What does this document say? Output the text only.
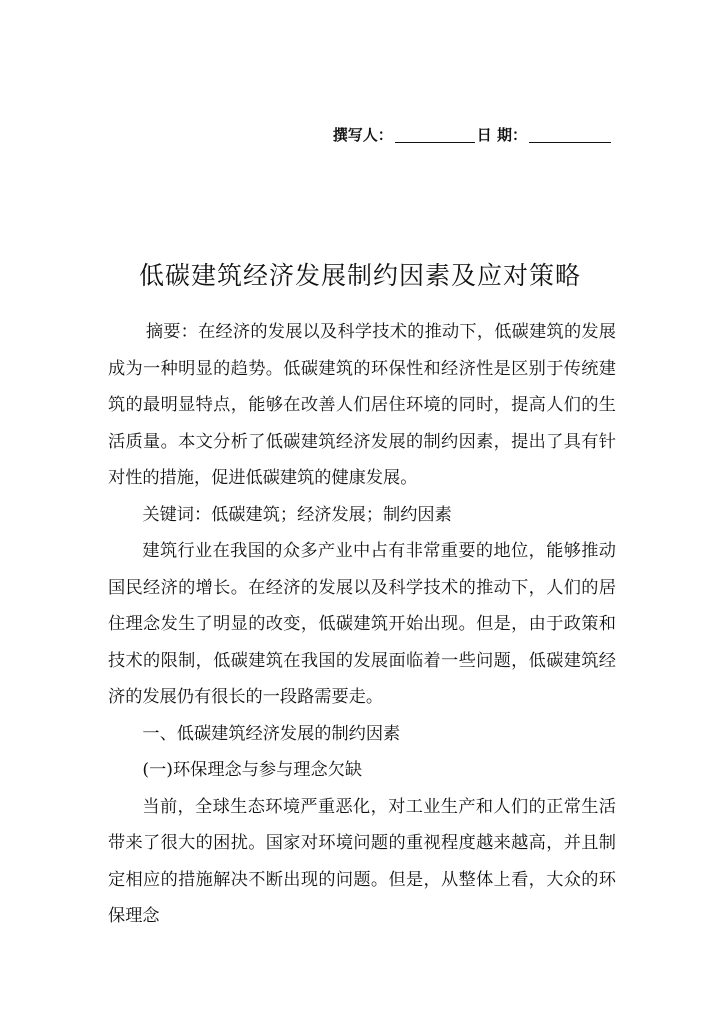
撰写人：	日 期：
低碳建筑经济发展制约因素及应对策略

摘要：在经济的发展以及科学技术的推动下，低碳建筑的发展成为一种明显的趋势。低碳建筑的环保性和经济性是区别于传统建筑的最明显特点，能够在改善人们居住环境的同时，提高人们的生活质量。本文分析了低碳建筑经济发展的制约因素，提出了具有针对性的措施，促进低碳建筑的健康发展。

关键词：低碳建筑；经济发展；制约因素

建筑行业在我国的众多产业中占有非常重要的地位，能够推动国民经济的增长。在经济的发展以及科学技术的推动下，人们的居住理念发生了明显的改变，低碳建筑开始出现。但是，由于政策和技术的限制，低碳建筑在我国的发展面临着一些问题，低碳建筑经济的发展仍有很长的一段路需要走。

一、低碳建筑经济发展的制约因素

(一)环保理念与参与理念欠缺

当前，全球生态环境严重恶化，对工业生产和人们的正常生活带来了很大的困扰。国家对环境问题的重视程度越来越高，并且制定相应的措施解决不断出现的问题。但是，从整体上看，大众的环保理念
